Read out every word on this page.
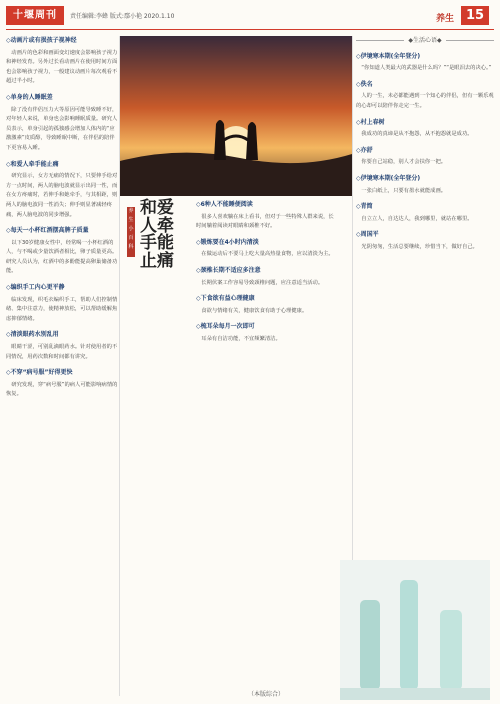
十堰周刊	责任编辑:李蜂 版式:鄢小艳 2020.1.10	养生 15
◇动画片或有损孩子视神经

动画片的色彩和画面变幻速度会影响孩子视力和神经发育。另外过长看动画片在使用时间方面也会影响孩子视力，一般建议动画片每次观看不超过半小时。

◇单身的人睡眠差

除了没有伴侣压力大等原因可能导致睡不好，对年轻人来说，单身也会影响睡眠质量。研究人员表示，单身引起的孤独感会增加人体内的“应激激素”皮质醇，导致睡眠中断，在伴侣的陪伴下更容易入睡。

◇和爱人牵手能止痛

研究显示，女方无痛的情况下，只要伸手给对方一点时间，两人的脑电波就显示出同一性，而在女方疼痛时，若伸手和她牵手，与其相距，则两人的脑电波同一性消失；伸手则显著减轻疼痛，两人脑电波的同步增强。

◇每天一小杯红酒摆高脾子质量

以下30岁健康女性中，经常喝一小杯红酒的人，与不喝或少量饮酒者相比，卵子质量更高。研究人员认为，红酒中的多酚能提高卵巢储备功能。

◇编织手工内心更平静

临床发现，织毛衣编织手工，帮助人们控制情绪、集中注意力，使精神放松，可以帮助缓解焦虑抑郁情绪。

◇清淡眼药水别乱用

眼睛干涩，可别乱滴眼药水。针对使用者的不同情况，用药次数和时间都有讲究。

◇不穿“病号服”好得更快

研究发现，穿“病号服”的病人可能影响病情的恢复。

养生小百科
和爱人牵手能止痛
◇6种人不能睡便阅读

很多人喜欢躺在床上看书，但对于一些特殊人群来说，长时间躺着阅读对眼睛和颈椎不好。

◇锻炼要在4小时内清淡

在做运动后不要马上吃大量高热量食物，应以清淡为主。

◇颈椎长期不适应多注意

长期伏案工作容易导致颈椎问题，应注意适当活动。

◇下食欲有益心理健康

食欲与情绪有关，健康饮食有助于心理健康。

◇梳耳朵每月一次即可

耳朵有自洁功能，不宜频繁清洁。

◆生活心语◆
◇伊境寒本期(全年登分)

“你知道人类最大的武器是什么吗？”“是眼泪去的决心。”

◇佚名

人的一生，未必都能遇到一个知心的伴侣，但有一颗乐观的心却可以陪伴你走完一生。

◇村上春树

我成功的真谛是从不抱怨，从不抱怨就是成功。

◇亦舒

你要自己站稳，别人才会扶你一把。

◇伊境寒本期(全年登分)

一张白纸上，只要有墨水就能成画。

◇青简

自立立人，自达达人，我到哪里，就站在哪里。

◇周国平

光阴匆匆，生活总要继续，珍惜当下，做好自己。

（本版综合）
